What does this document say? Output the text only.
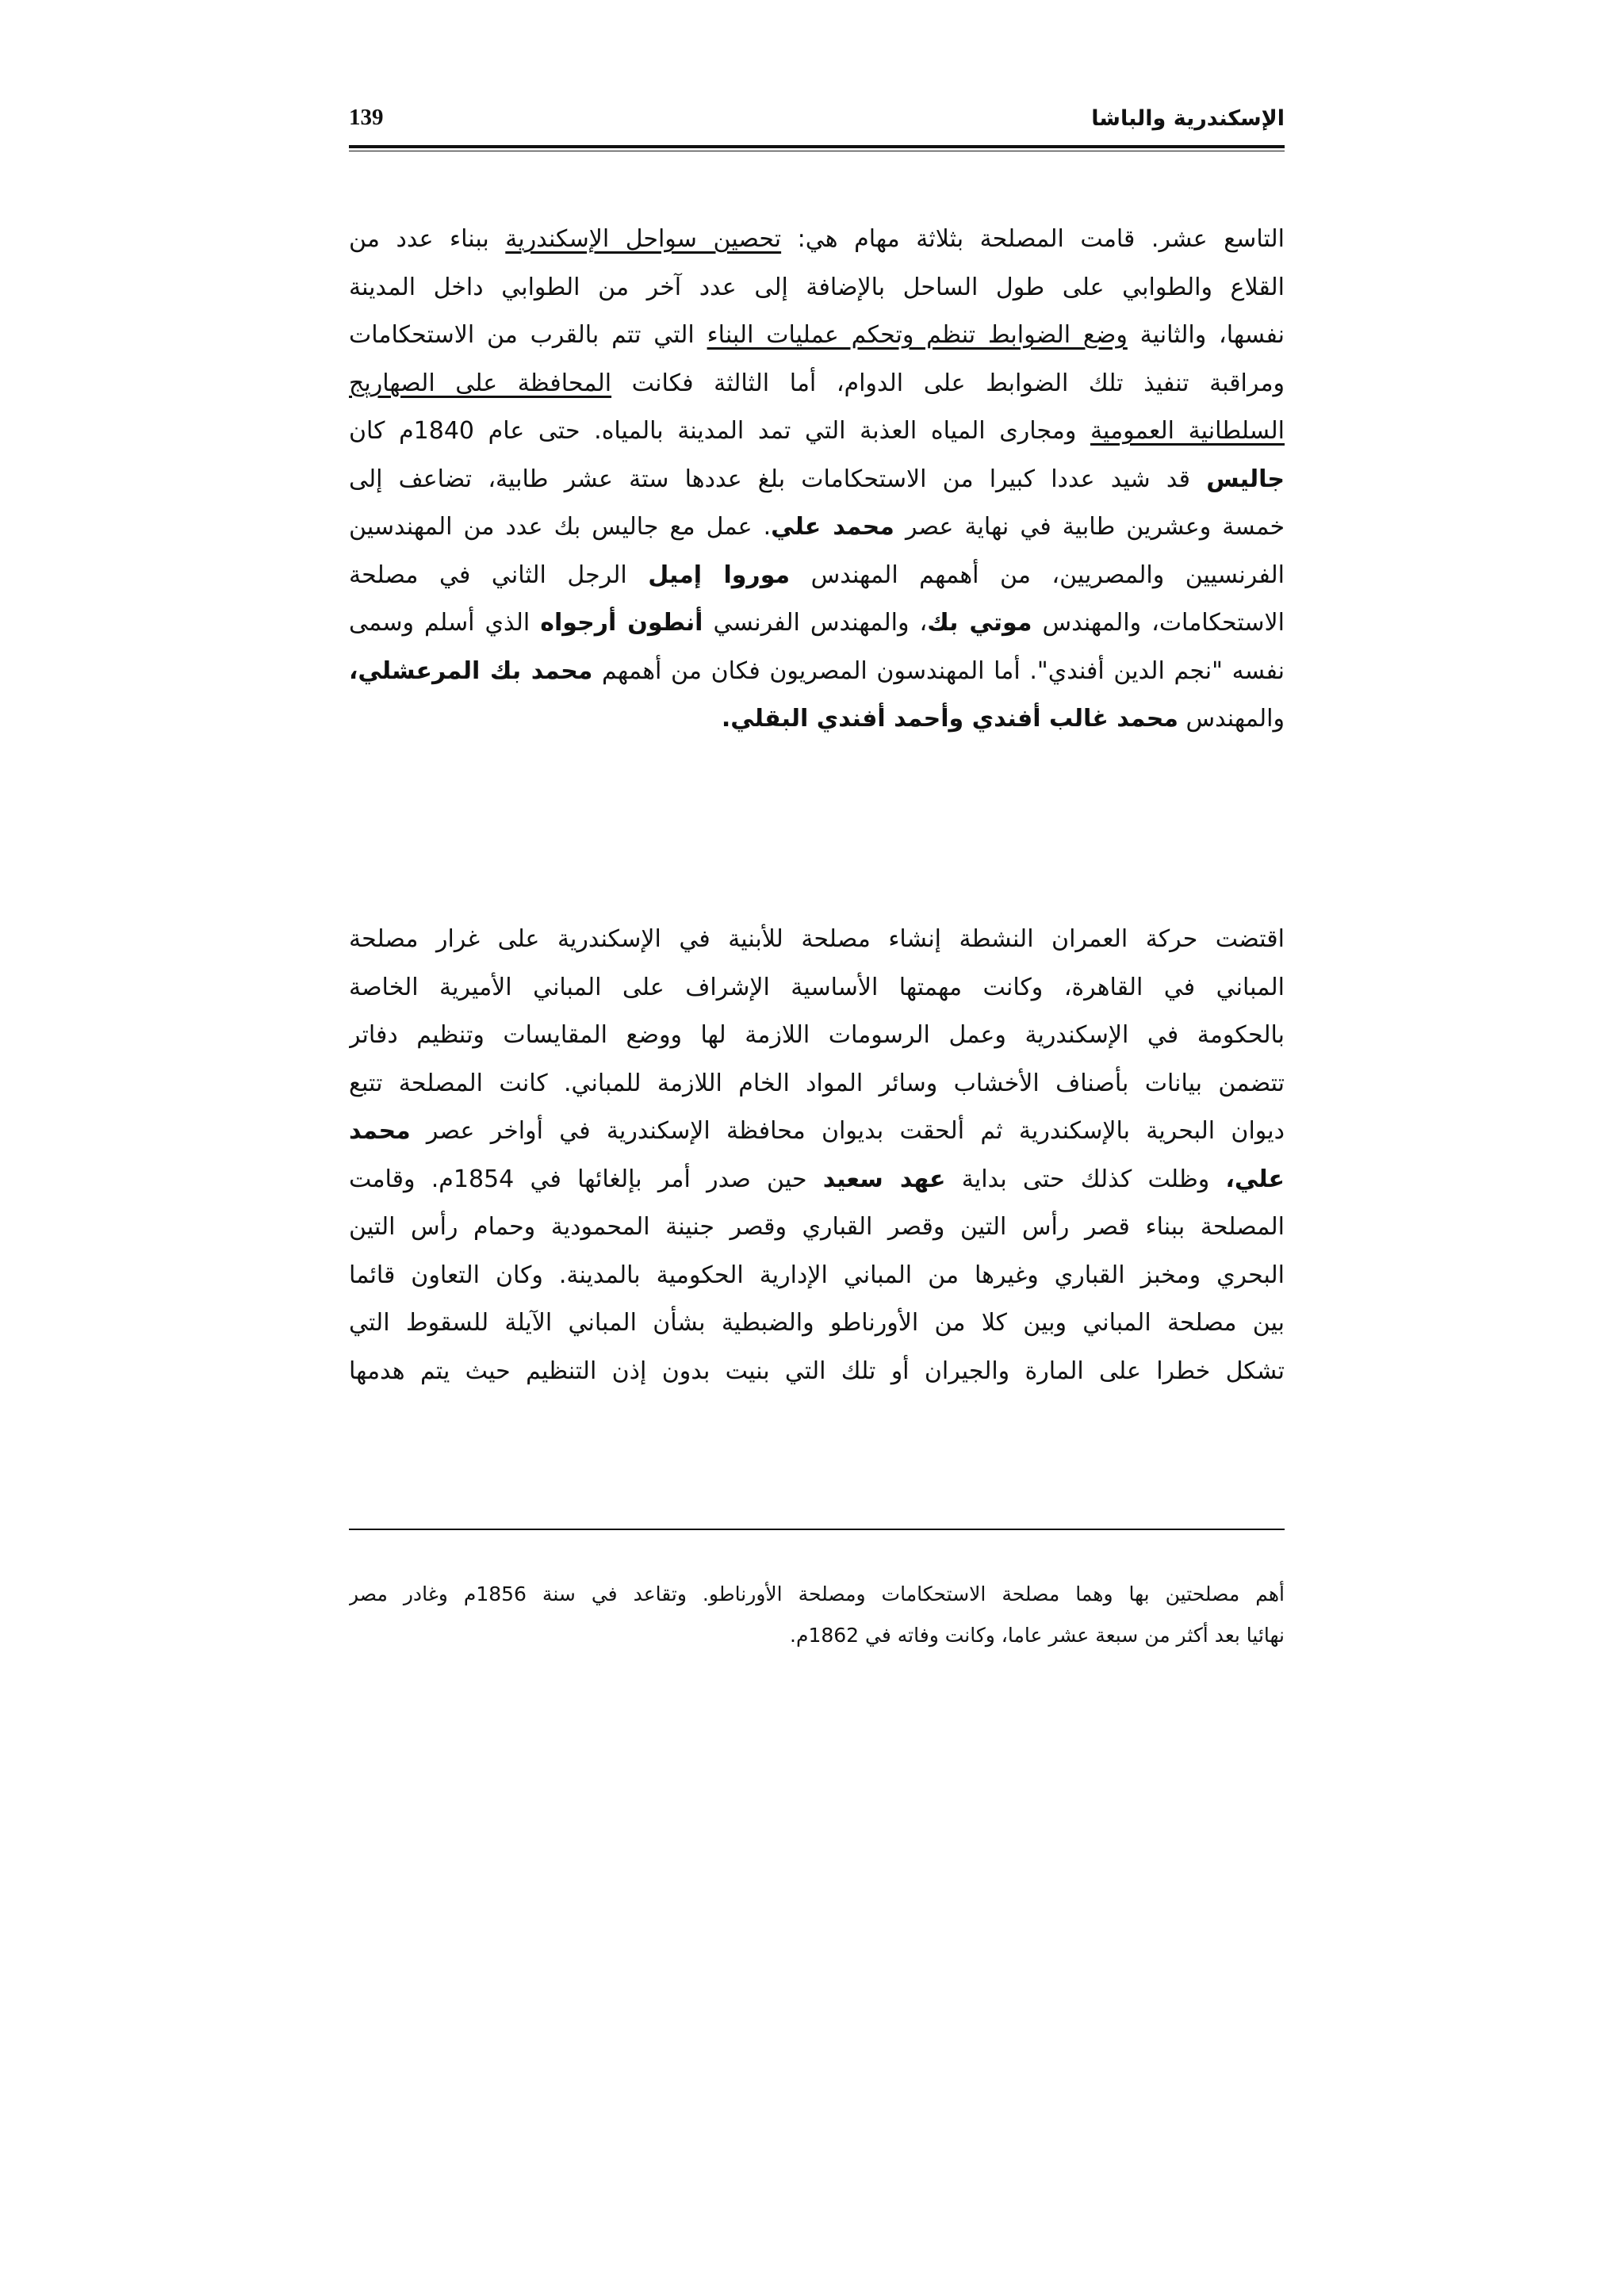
الإسكندرية والباشا
139
التاسع عشر. قامت المصلحة بثلاثة مهام هي: تحصين سواحل الإسكندرية ببناء عدد من
القلاع والطوابي على طول الساحل بالإضافة إلى عدد آخر من الطوابي داخل المدينة
نفسها، والثانية وضع الضوابط تنظم وتحكم عمليات البناء التي تتم بالقرب من الاستحكامات
ومراقبة تنفيذ تلك الضوابط على الدوام، أما الثالثة فكانت المحافظة على الصهاريج
السلطانية العمومية ومجارى المياه العذبة التي تمد المدينة بالمياه. حتى عام 1840م كان
جاليس قد شيد عددا كبيرا من الاستحكامات بلغ عددها ستة عشر طابية، تضاعف إلى
خمسة وعشرين طابية في نهاية عصر محمد علي. عمل مع جاليس بك عدد من المهندسين
الفرنسيين والمصريين، من أهمهم المهندس موروا إميل الرجل الثاني في مصلحة
الاستحكامات، والمهندس موتي بك، والمهندس الفرنسي أنطون أرجواه الذي أسلم وسمى
نفسه "نجم الدين أفندي". أما المهندسون المصريون فكان من أهمهم محمد بك المرعشلي،
والمهندس محمد غالب أفندي وأحمد أفندي البقلي.
اقتضت حركة العمران النشطة إنشاء مصلحة للأبنية في الإسكندرية على غرار مصلحة
المباني في القاهرة، وكانت مهمتها الأساسية الإشراف على المباني الأميرية الخاصة
بالحكومة في الإسكندرية وعمل الرسومات اللازمة لها ووضع المقايسات وتنظيم دفاتر
تتضمن بيانات بأصناف الأخشاب وسائر المواد الخام اللازمة للمباني. كانت المصلحة تتبع
ديوان البحرية بالإسكندرية ثم ألحقت بديوان محافظة الإسكندرية في أواخر عصر محمد
علي، وظلت كذلك حتى بداية عهد سعيد حين صدر أمر بإلغائها في 1854م. وقامت
المصلحة ببناء قصر رأس التين وقصر القباري وقصر جنينة المحمودية وحمام رأس التين
البحري ومخبز القباري وغيرها من المباني الإدارية الحكومية بالمدينة. وكان التعاون قائما
بين مصلحة المباني وبين كلا من الأورناطو والضبطية بشأن المباني الآيلة للسقوط التي
تشكل خطرا على المارة والجيران أو تلك التي بنيت بدون إذن التنظيم حيث يتم هدمها
أهم مصلحتين بها وهما مصلحة الاستحكامات ومصلحة الأورناطو. وتقاعد في سنة 1856م وغادر مصر
نهائيا بعد أكثر من سبعة عشر عاما، وكانت وفاته في 1862م.
